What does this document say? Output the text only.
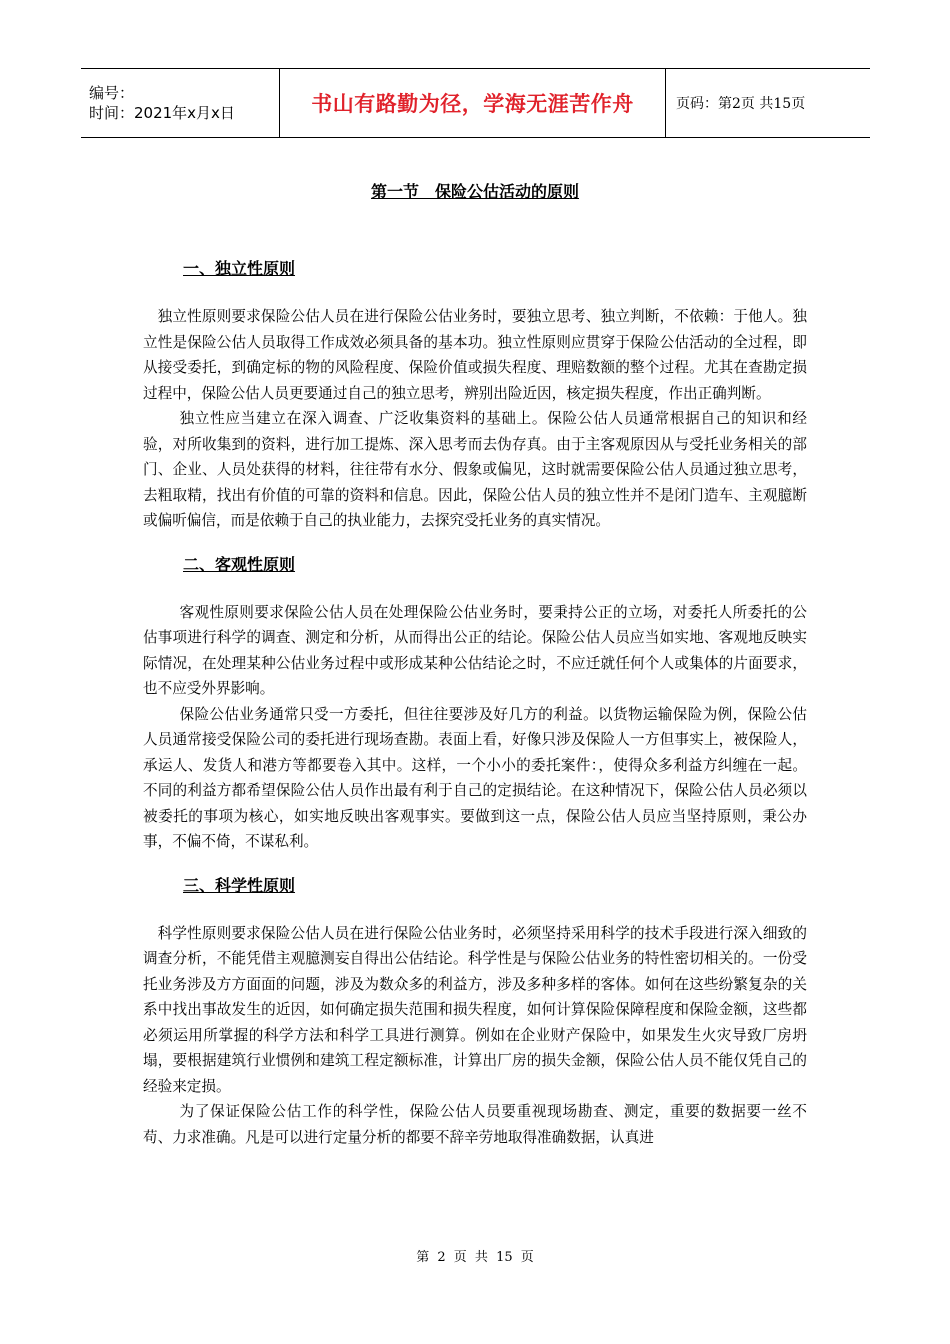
编号：
时间：2021年x月x日	书山有路勤为径，学海无涯苦作舟	页码：第2页 共15页
第一节　保险公估活动的原则
一、独立性原则

独立性原则要求保险公估人员在进行保险公估业务时，要独立思考、独立判断，不依赖：于他人。独立性是保险公估人员取得工作成效必须具备的基本功。独立性原则应贯穿于保险公估活动的全过程，即从接受委托，到确定标的物的风险程度、保险价值或损失程度、理赔数额的整个过程。尤其在查勘定损过程中，保险公估人员更要通过自己的独立思考，辨别出险近因，核定损失程度，作出正确判断。

独立性应当建立在深入调查、广泛收集资料的基础上。保险公估人员通常根据自己的知识和经验，对所收集到的资料，进行加工提炼、深入思考而去伪存真。由于主客观原因从与受托业务相关的部门、企业、人员处获得的材料，往往带有水分、假象或偏见，这时就需要保险公估人员通过独立思考，去粗取精，找出有价值的可靠的资料和信息。因此，保险公估人员的独立性并不是闭门造车、主观臆断或偏听偏信，而是依赖于自己的执业能力，去探究受托业务的真实情况。

二、客观性原则

客观性原则要求保险公估人员在处理保险公估业务时，要秉持公正的立场，对委托人所委托的公估事项进行科学的调查、测定和分析，从而得出公正的结论。保险公估人员应当如实地、客观地反映实际情况，在处理某种公估业务过程中或形成某种公估结论之时，不应迁就任何个人或集体的片面要求，也不应受外界影响。

保险公估业务通常只受一方委托，但往往要涉及好几方的利益。以货物运输保险为例，保险公估人员通常接受保险公司的委托进行现场查勘。表面上看，好像只涉及保险人一方但事实上，被保险人，承运人、发货人和港方等都要卷入其中。这样，一个小小的委托案件：，使得众多利益方纠缠在一起。不同的利益方都希望保险公估人员作出最有利于自己的定损结论。在这种情况下，保险公估人员必须以被委托的事项为核心，如实地反映出客观事实。要做到这一点，保险公估人员应当坚持原则，秉公办事，不偏不倚，不谋私利。

三、科学性原则

科学性原则要求保险公估人员在进行保险公估业务时，必须坚持采用科学的技术手段进行深入细致的调查分析，不能凭借主观臆测妄自得出公估结论。科学性是与保险公估业务的特性密切相关的。一份受托业务涉及方方面面的问题，涉及为数众多的利益方，涉及多种多样的客体。如何在这些纷繁复杂的关系中找出事故发生的近因，如何确定损失范围和损失程度，如何计算保险保障程度和保险金额，这些都必须运用所掌握的科学方法和科学工具进行测算。例如在企业财产保险中，如果发生火灾导致厂房坍塌，要根据建筑行业惯例和建筑工程定额标准，计算出厂房的损失金额，保险公估人员不能仅凭自己的经验来定损。

为了保证保险公估工作的科学性，保险公估人员要重视现场勘查、测定，重要的数据要一丝不苟、力求准确。凡是可以进行定量分析的都要不辞辛劳地取得准确数据，认真进

第 2 页 共 15 页
